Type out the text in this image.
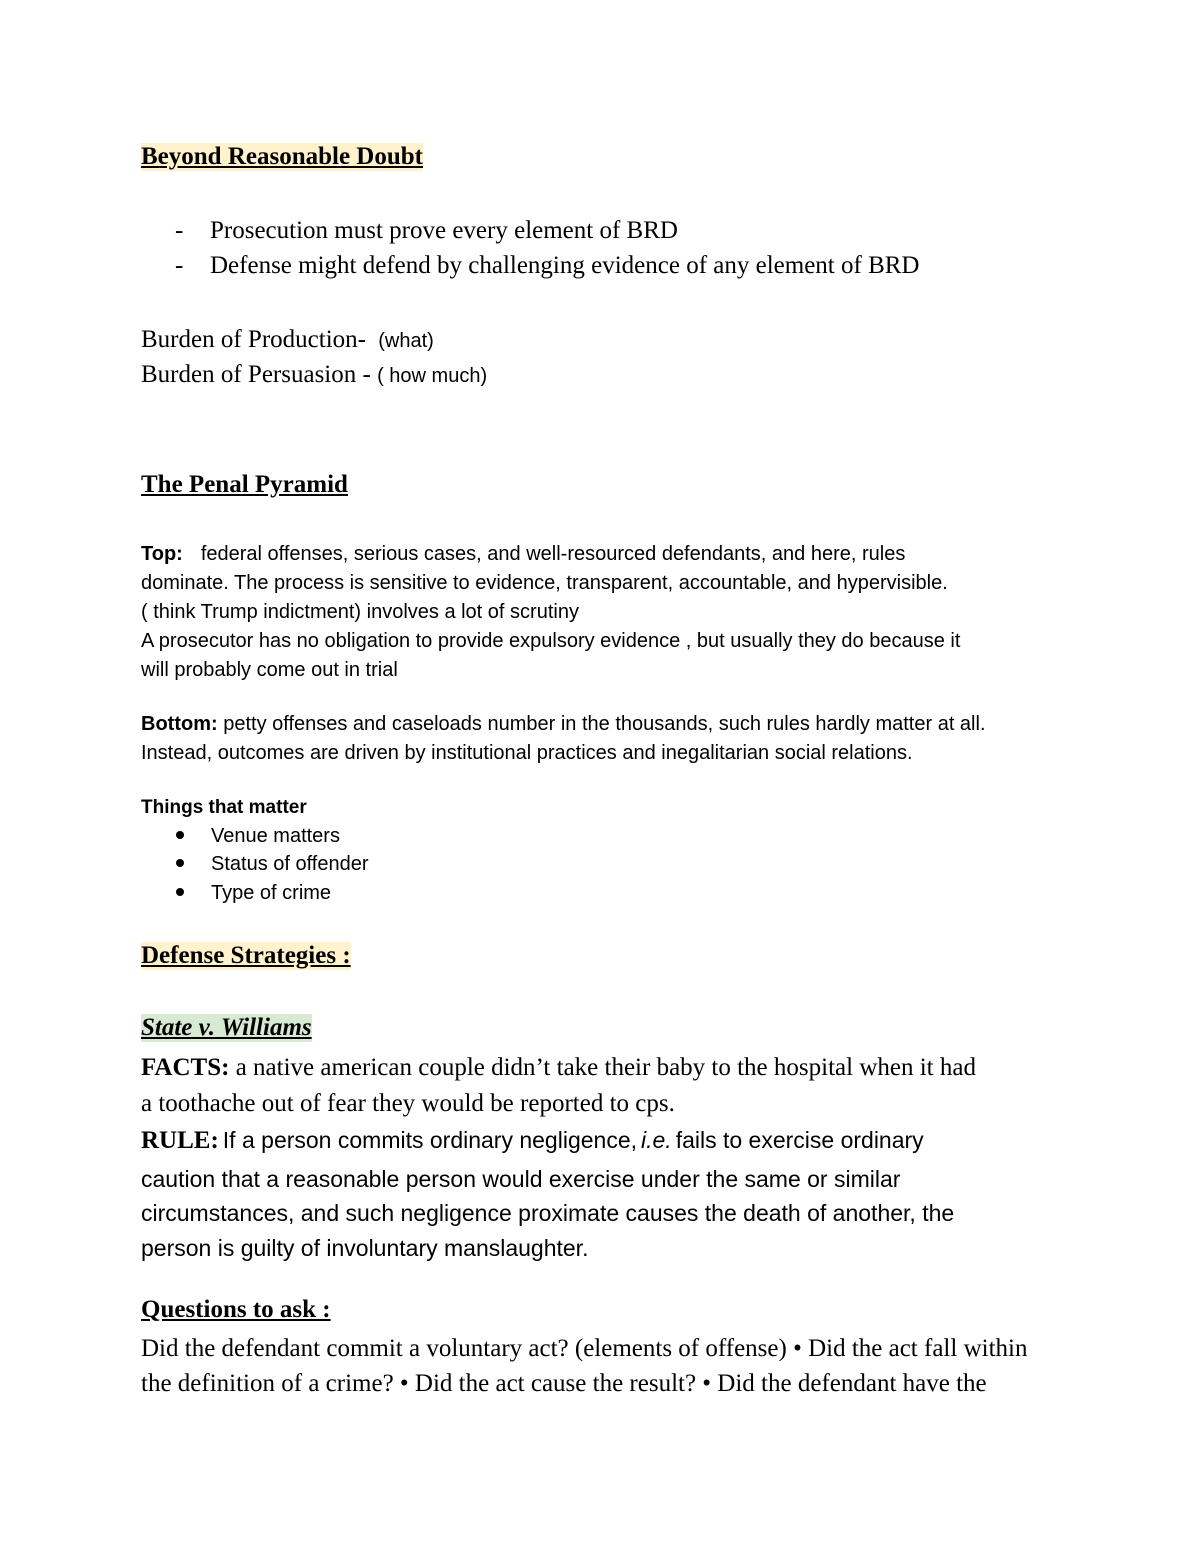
Beyond Reasonable Doubt
- Prosecution must prove every element of BRD
- Defense might defend by challenging evidence of any element of BRD
Burden of Production- (what)
Burden of Persuasion - ( how much)
The Penal Pyramid
Top: federal offenses, serious cases, and well-resourced defendants, and here, rules
dominate. The process is sensitive to evidence, transparent, accountable, and hypervisible.
( think Trump indictment) involves a lot of scrutiny
A prosecutor has no obligation to provide expulsory evidence , but usually they do because it
will probably come out in trial
Bottom: petty offenses and caseloads number in the thousands, such rules hardly matter at all.
Instead, outcomes are driven by institutional practices and inegalitarian social relations.
Things that matter
Venue matters
Status of offender
Type of crime
Defense Strategies :
State v. Williams
FACTS: a native american couple didn’t take their baby to the hospital when it had
a toothache out of fear they would be reported to cps.
RULE: If a person commits ordinary negligence, i.e. fails to exercise ordinary
caution that a reasonable person would exercise under the same or similar
circumstances, and such negligence proximate causes the death of another, the
person is guilty of involuntary manslaughter.
Questions to ask :
Did the defendant commit a voluntary act? (elements of offense) • Did the act fall within
the definition of a crime? • Did the act cause the result? • Did the defendant have the
